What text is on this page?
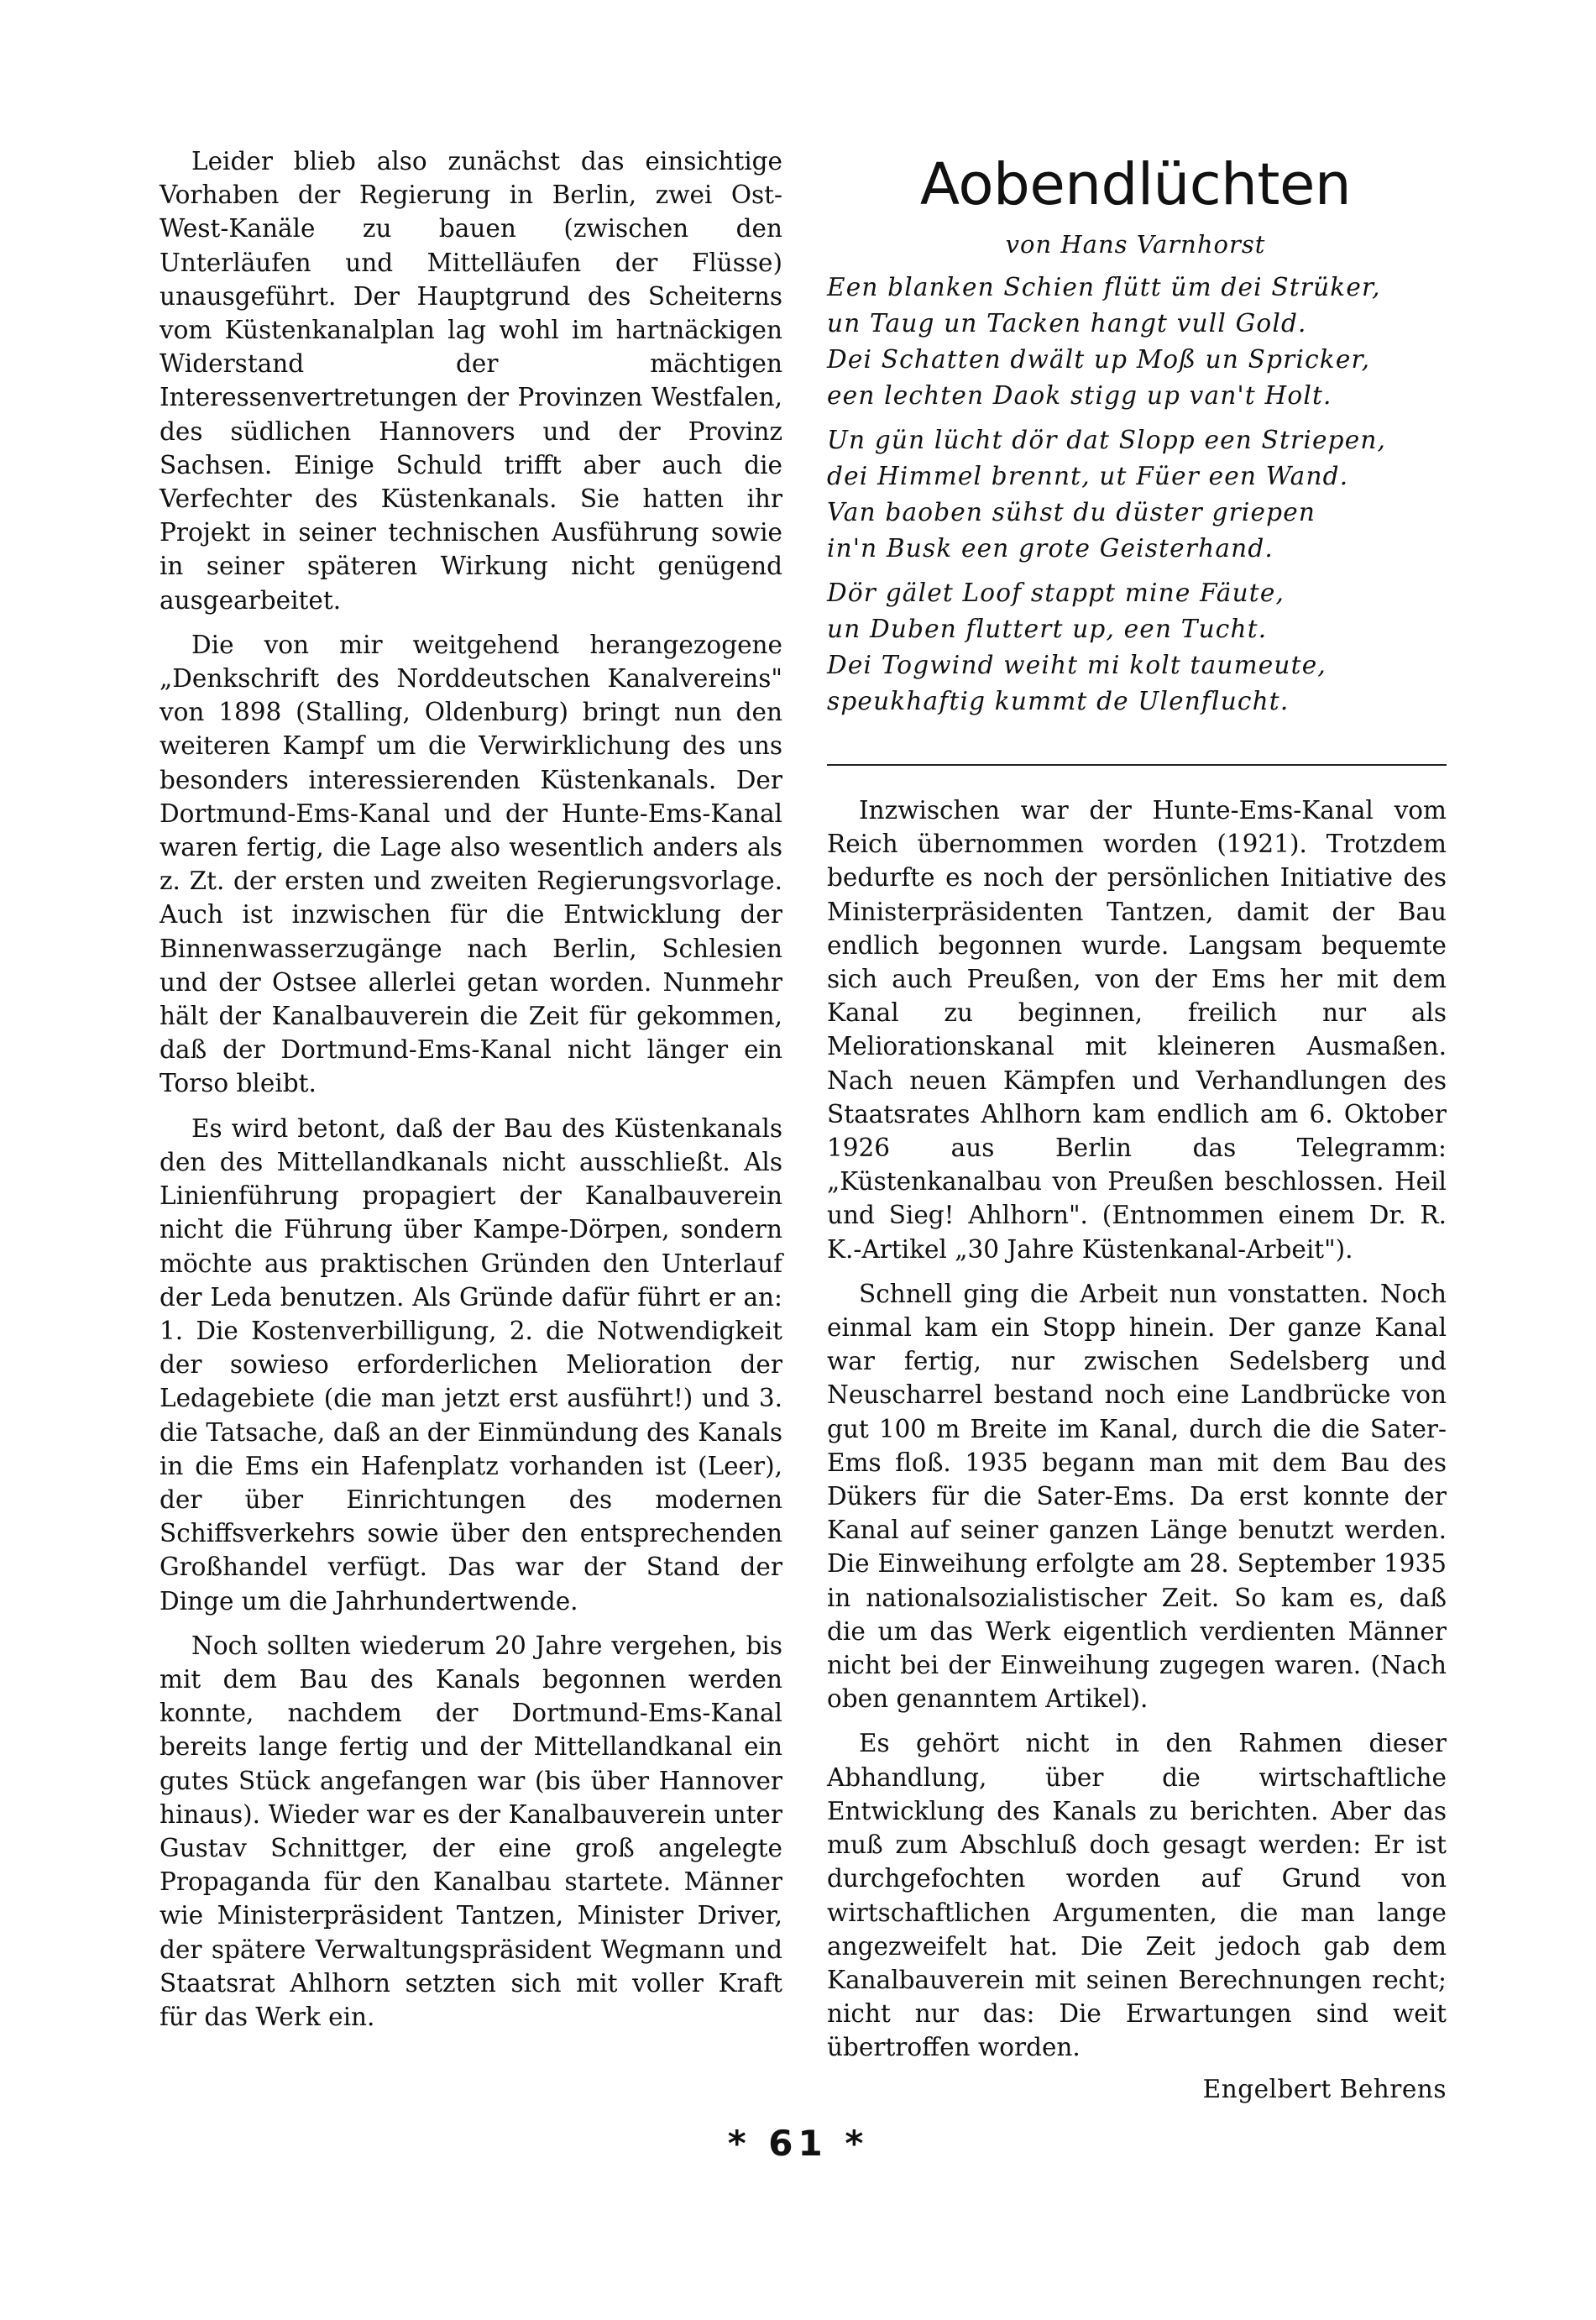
Leider blieb also zunächst das einsichtige Vorhaben der Regierung in Berlin, zwei Ost-West-Kanäle zu bauen (zwischen den Unterläufen und Mittelläufen der Flüsse) unausgeführt. Der Hauptgrund des Scheiterns vom Küstenkanalplan lag wohl im hartnäckigen Widerstand der mächtigen Interessenvertretungen der Provinzen Westfalen, des südlichen Hannovers und der Provinz Sachsen. Einige Schuld trifft aber auch die Verfechter des Küstenkanals. Sie hatten ihr Projekt in seiner technischen Ausführung sowie in seiner späteren Wirkung nicht genügend ausgearbeitet.

Die von mir weitgehend herangezogene „Denkschrift des Norddeutschen Kanalvereins" von 1898 (Stalling, Oldenburg) bringt nun den weiteren Kampf um die Verwirklichung des uns besonders interessierenden Küstenkanals. Der Dortmund-Ems-Kanal und der Hunte-Ems-Kanal waren fertig, die Lage also wesentlich anders als z. Zt. der ersten und zweiten Regierungsvorlage. Auch ist inzwischen für die Entwicklung der Binnenwasserzugänge nach Berlin, Schlesien und der Ostsee allerlei getan worden. Nunmehr hält der Kanalbauverein die Zeit für gekommen, daß der Dortmund-Ems-Kanal nicht länger ein Torso bleibt.

Es wird betont, daß der Bau des Küstenkanals den des Mittellandkanals nicht ausschließt. Als Linienführung propagiert der Kanalbauverein nicht die Führung über Kampe-Dörpen, sondern möchte aus praktischen Gründen den Unterlauf der Leda benutzen. Als Gründe dafür führt er an: 1. Die Kostenverbilligung, 2. die Notwendigkeit der sowieso erforderlichen Melioration der Ledagebiete (die man jetzt erst ausführt!) und 3. die Tatsache, daß an der Einmündung des Kanals in die Ems ein Hafenplatz vorhanden ist (Leer), der über Einrichtungen des modernen Schiffsverkehrs sowie über den entsprechenden Großhandel verfügt. Das war der Stand der Dinge um die Jahrhundertwende.

Noch sollten wiederum 20 Jahre vergehen, bis mit dem Bau des Kanals begonnen werden konnte, nachdem der Dortmund-Ems-Kanal bereits lange fertig und der Mittellandkanal ein gutes Stück angefangen war (bis über Hannover hinaus). Wieder war es der Kanalbauverein unter Gustav Schnittger, der eine groß angelegte Propaganda für den Kanalbau startete. Männer wie Ministerpräsident Tantzen, Minister Driver, der spätere Verwaltungspräsident Wegmann und Staatsrat Ahlhorn setzten sich mit voller Kraft für das Werk ein.

Aobendlüchten
von Hans Varnhorst
Een blanken Schien flütt üm dei Strüker,
un Taug un Tacken hangt vull Gold.
Dei Schatten dwält up Moß un Spricker,
een lechten Daok stigg up van't Holt.
Un gün lücht dör dat Slopp een Striepen,
dei Himmel brennt, ut Füer een Wand.
Van baoben sühst du düster griepen
in'n Busk een grote Geisterhand.
Dör gälet Loof stappt mine Fäute,
un Duben fluttert up, een Tucht.
Dei Togwind weiht mi kolt taumeute,
speukhaftig kummt de Ulenflucht.

Inzwischen war der Hunte-Ems-Kanal vom Reich übernommen worden (1921). Trotzdem bedurfte es noch der persönlichen Initiative des Ministerpräsidenten Tantzen, damit der Bau endlich begonnen wurde. Langsam bequemte sich auch Preußen, von der Ems her mit dem Kanal zu beginnen, freilich nur als Meliorationskanal mit kleineren Ausmaßen. Nach neuen Kämpfen und Verhandlungen des Staatsrates Ahlhorn kam endlich am 6. Oktober 1926 aus Berlin das Telegramm: „Küstenkanalbau von Preußen beschlossen. Heil und Sieg! Ahlhorn". (Entnommen einem Dr. R. K.-Artikel „30 Jahre Küstenkanal-Arbeit").

Schnell ging die Arbeit nun vonstatten. Noch einmal kam ein Stopp hinein. Der ganze Kanal war fertig, nur zwischen Sedelsberg und Neuscharrel bestand noch eine Landbrücke von gut 100 m Breite im Kanal, durch die die Sater-Ems floß. 1935 begann man mit dem Bau des Dükers für die Sater-Ems. Da erst konnte der Kanal auf seiner ganzen Länge benutzt werden. Die Einweihung erfolgte am 28. September 1935 in nationalsozialistischer Zeit. So kam es, daß die um das Werk eigentlich verdienten Männer nicht bei der Einweihung zugegen waren. (Nach oben genanntem Artikel).

Es gehört nicht in den Rahmen dieser Abhandlung, über die wirtschaftliche Entwicklung des Kanals zu berichten. Aber das muß zum Abschluß doch gesagt werden: Er ist durchgefochten worden auf Grund von wirtschaftlichen Argumenten, die man lange angezweifelt hat. Die Zeit jedoch gab dem Kanalbauverein mit seinen Berechnungen recht; nicht nur das: Die Erwartungen sind weit übertroffen worden.

Engelbert Behrens
* 61 *
